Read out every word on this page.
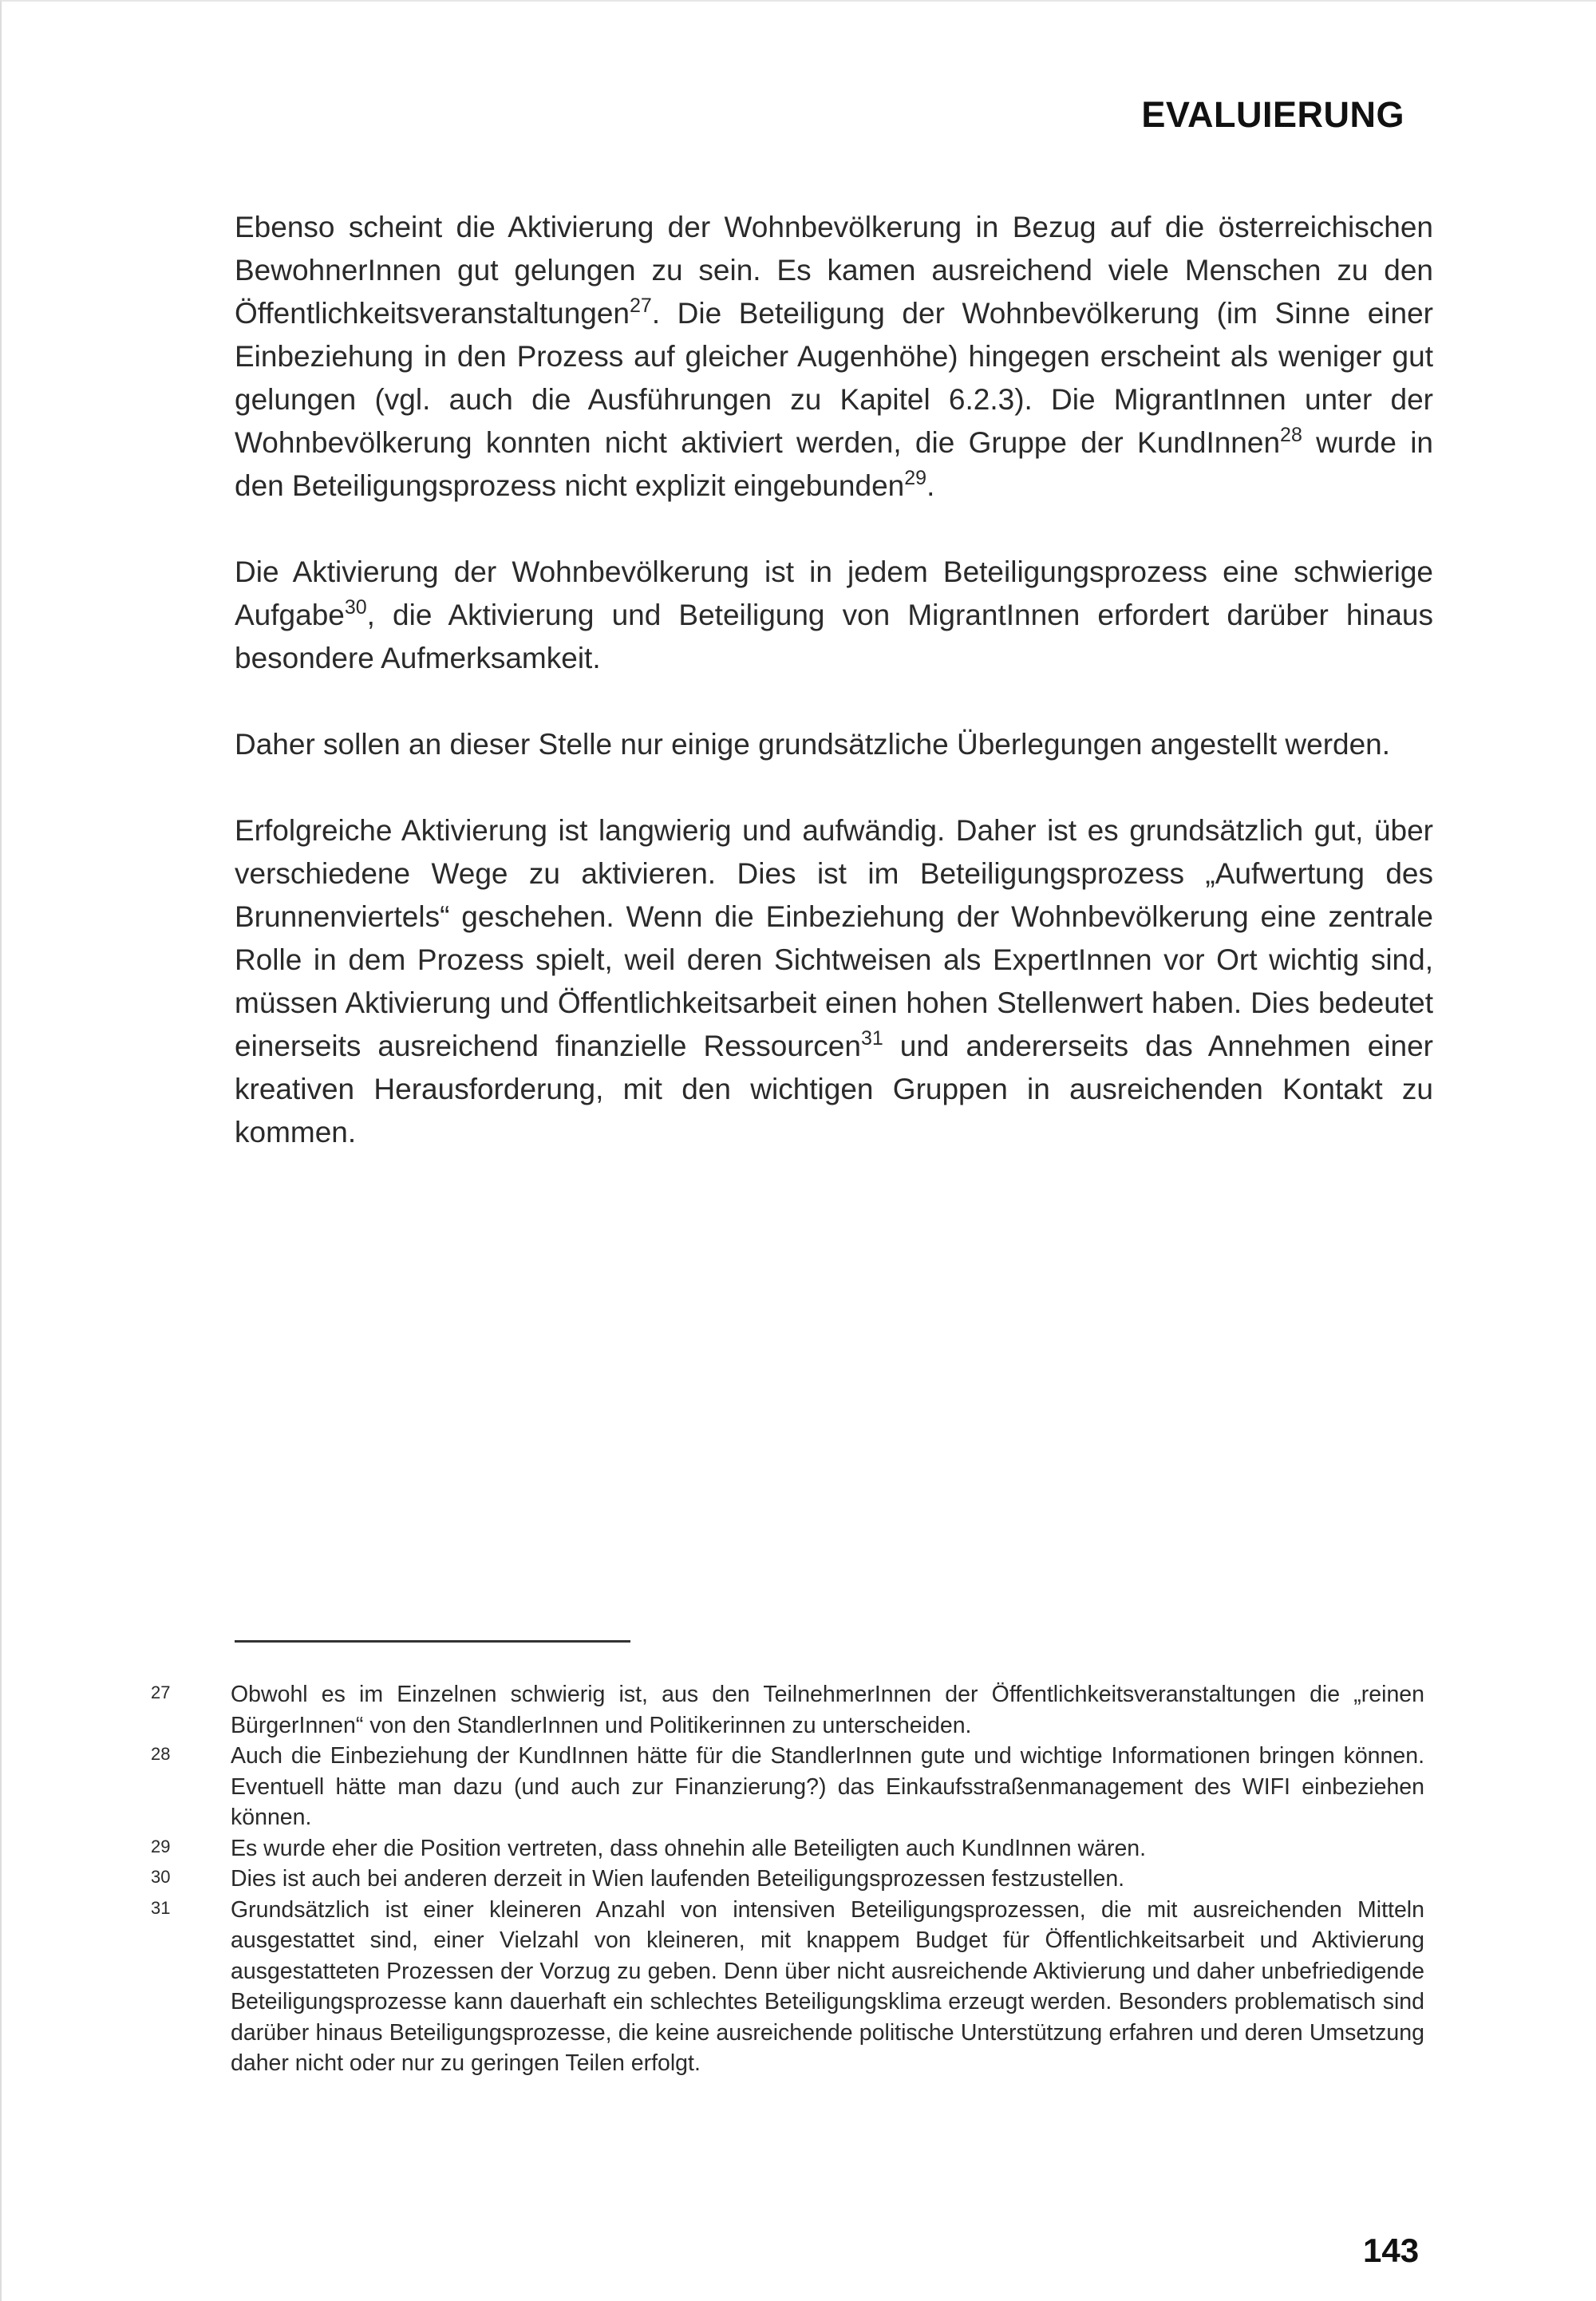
EVALUIERUNG

Ebenso scheint die Aktivierung der Wohnbevölkerung in Bezug auf die österreichischen BewohnerInnen gut gelungen zu sein. Es kamen ausreichend viele Menschen zu den Öffentlichkeitsveranstaltungen$^{27}$. Die Beteiligung der Wohnbevölkerung (im Sinne einer Einbeziehung in den Prozess auf gleicher Augenhöhe) hingegen erscheint als weniger gut gelungen (vgl. auch die Ausführungen zu Kapitel 6.2.3). Die MigrantInnen unter der Wohnbevölkerung konnten nicht aktiviert werden, die Gruppe der KundInnen$^{28}$ wurde in den Beteiligungsprozess nicht explizit eingebunden$^{29}$.

Die Aktivierung der Wohnbevölkerung ist in jedem Beteiligungsprozess eine schwierige Aufgabe$^{30}$, die Aktivierung und Beteiligung von MigrantInnen erfordert darüber hinaus besondere Aufmerksamkeit.

Daher sollen an dieser Stelle nur einige grundsätzliche Überlegungen angestellt werden.

Erfolgreiche Aktivierung ist langwierig und aufwändig. Daher ist es grundsätzlich gut, über verschiedene Wege zu aktivieren. Dies ist im Beteiligungsprozess „Aufwertung des Brunnenviertels“ geschehen. Wenn die Einbeziehung der Wohnbevölkerung eine zentrale Rolle in dem Prozess spielt, weil deren Sichtweisen als ExpertInnen vor Ort wichtig sind, müssen Aktivierung und Öffentlichkeitsarbeit einen hohen Stellenwert haben. Dies bedeutet einerseits ausreichend finanzielle Ressourcen$^{31}$ und andererseits das Annehmen einer kreativen Herausforderung, mit den wichtigen Gruppen in ausreichenden Kontakt zu kommen.

27	Obwohl es im Einzelnen schwierig ist, aus den TeilnehmerInnen der Öffentlichkeitsveranstaltungen die „reinen BürgerInnen“ von den StandlerInnen und Politikerinnen zu unterscheiden.
28	Auch die Einbeziehung der KundInnen hätte für die StandlerInnen gute und wichtige Informationen bringen können. Eventuell hätte man dazu (und auch zur Finanzierung?) das Einkaufsstraßenmanagement des WIFI einbeziehen können.
29	Es wurde eher die Position vertreten, dass ohnehin alle Beteiligten auch KundInnen wären.
30	Dies ist auch bei anderen derzeit in Wien laufenden Beteiligungsprozessen festzustellen.
31	Grundsätzlich ist einer kleineren Anzahl von intensiven Beteiligungsprozessen, die mit ausreichenden Mitteln ausgestattet sind, einer Vielzahl von kleineren, mit knappem Budget für Öffentlichkeitsarbeit und Aktivierung ausgestatteten Prozessen der Vorzug zu geben. Denn über nicht ausreichende Aktivierung und daher unbefriedigende Beteiligungsprozesse kann dauerhaft ein schlechtes Beteiligungsklima erzeugt werden. Besonders problematisch sind darüber hinaus Beteiligungsprozesse, die keine ausreichende politische Unterstützung erfahren und deren Umsetzung daher nicht oder nur zu geringen Teilen erfolgt.
143
